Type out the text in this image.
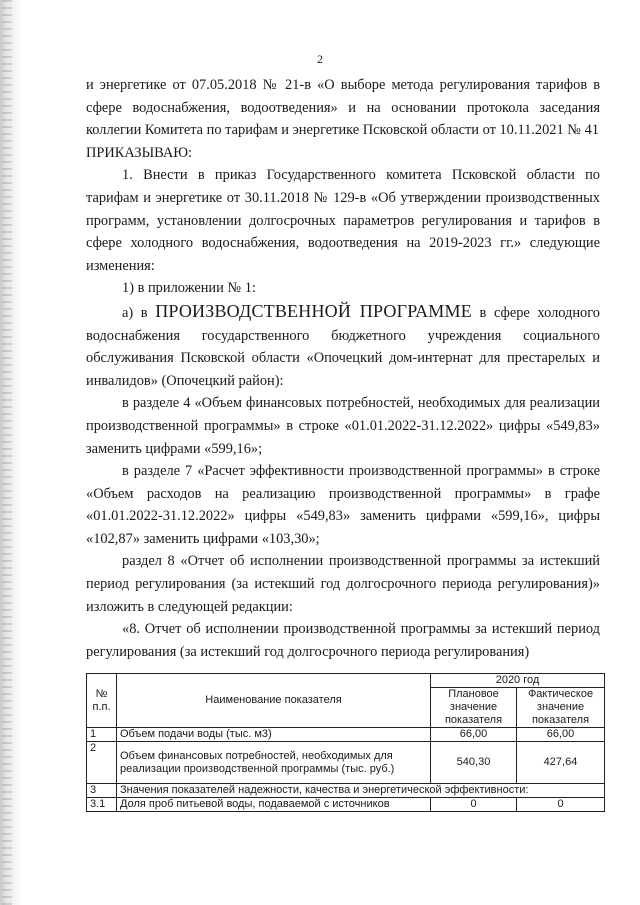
2

и энергетике от 07.05.2018 № 21-в «О выборе метода регулирования тарифов в сфере водоснабжения, водоотведения» и на основании протокола заседания коллегии Комитета по тарифам и энергетике Псковской области от 10.11.2021 № 41

ПРИКАЗЫВАЮ:

1. Внести в приказ Государственного комитета Псковской области по тарифам и энергетике от 30.11.2018 № 129-в «Об утверждении производственных программ, установлении долгосрочных параметров регулирования и тарифов в сфере холодного водоснабжения, водоотведения на 2019-2023 гг.» следующие изменения:

1) в приложении № 1:

а) в ПРОИЗВОДСТВЕННОЙ ПРОГРАММЕ в сфере холодного водоснабжения государственного бюджетного учреждения социального обслуживания Псковской области «Опочецкий дом-интернат для престарелых и инвалидов» (Опочецкий район):

в разделе 4 «Объем финансовых потребностей, необходимых для реализации производственной программы» в строке «01.01.2022-31.12.2022» цифры «549,83» заменить цифрами «599,16»;

в разделе 7 «Расчет эффективности производственной программы» в строке «Объем расходов на реализацию производственной программы» в графе «01.01.2022-31.12.2022» цифры «549,83» заменить цифрами «599,16», цифры «102,87» заменить цифрами «103,30»;

раздел 8 «Отчет об исполнении производственной программы за истекший период регулирования (за истекший год долгосрочного периода регулирования)» изложить в следующей редакции:

«8. Отчет об исполнении производственной программы за истекший период регулирования (за истекший год долгосрочного периода регулирования)

№ п.п.	Наименование показателя	2020 год	
		Плановое значение показателя	Фактическое значение показателя
1	Объем подачи воды (тыс. м3)	66,00	66,00
2	Объем финансовых потребностей, необходимых для реализации производственной программы (тыс. руб.)	540,30	427,64
3	Значения показателей надежности, качества и энергетической эффективности:		
3.1	Доля проб питьевой воды, подаваемой с источников	0	0
